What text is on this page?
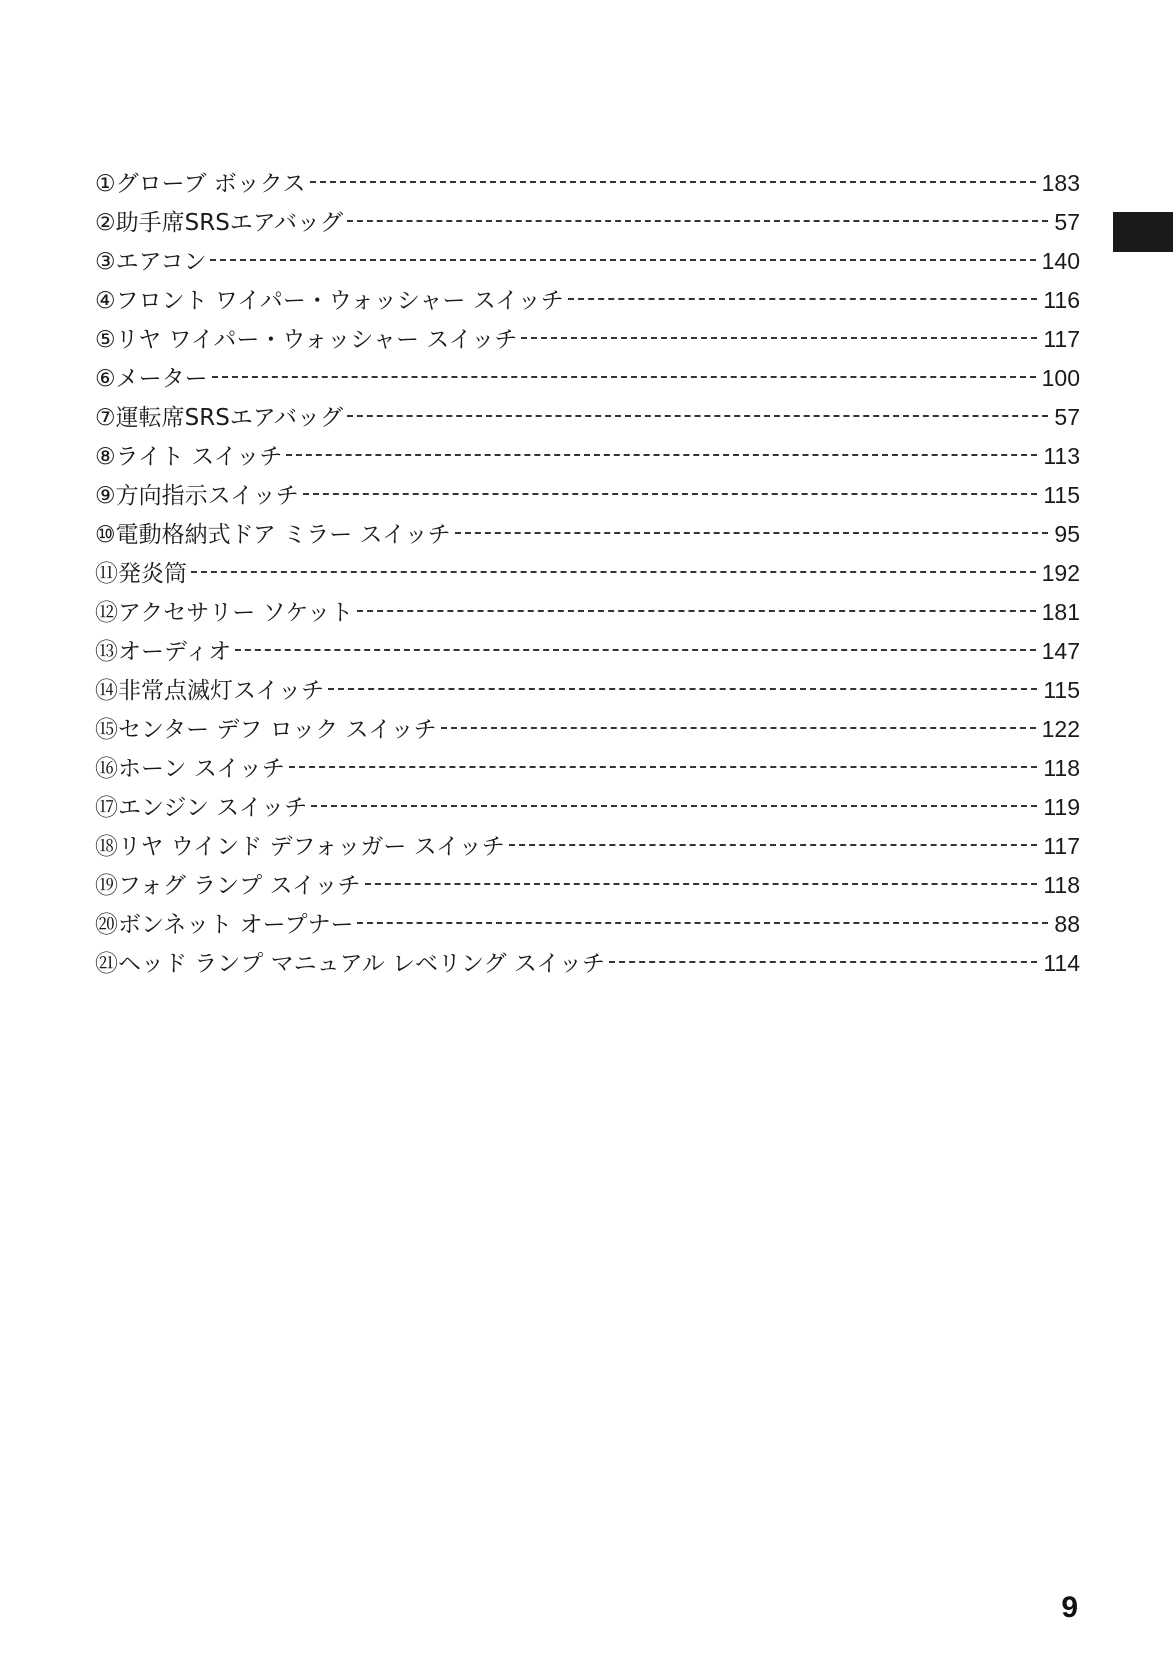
①グローブ ボックス	183
②助手席SRSエアバッグ	57
③エアコン	140
④フロント ワイパー・ウォッシャー スイッチ	116
⑤リヤ ワイパー・ウォッシャー スイッチ	117
⑥メーター	100
⑦運転席SRSエアバッグ	57
⑧ライト スイッチ	113
⑨方向指示スイッチ	115
⑩電動格納式ドア ミラー スイッチ	95
⑪発炎筒	192
⑫アクセサリー ソケット	181
⑬オーディオ	147
⑭非常点滅灯スイッチ	115
⑮センター デフ ロック スイッチ	122
⑯ホーン スイッチ	118
⑰エンジン スイッチ	119
⑱リヤ ウインド デフォッガー スイッチ	117
⑲フォグ ランプ スイッチ	118
⑳ボンネット オープナー	88
㉑ヘッド ランプ マニュアル レベリング スイッチ	114
9
